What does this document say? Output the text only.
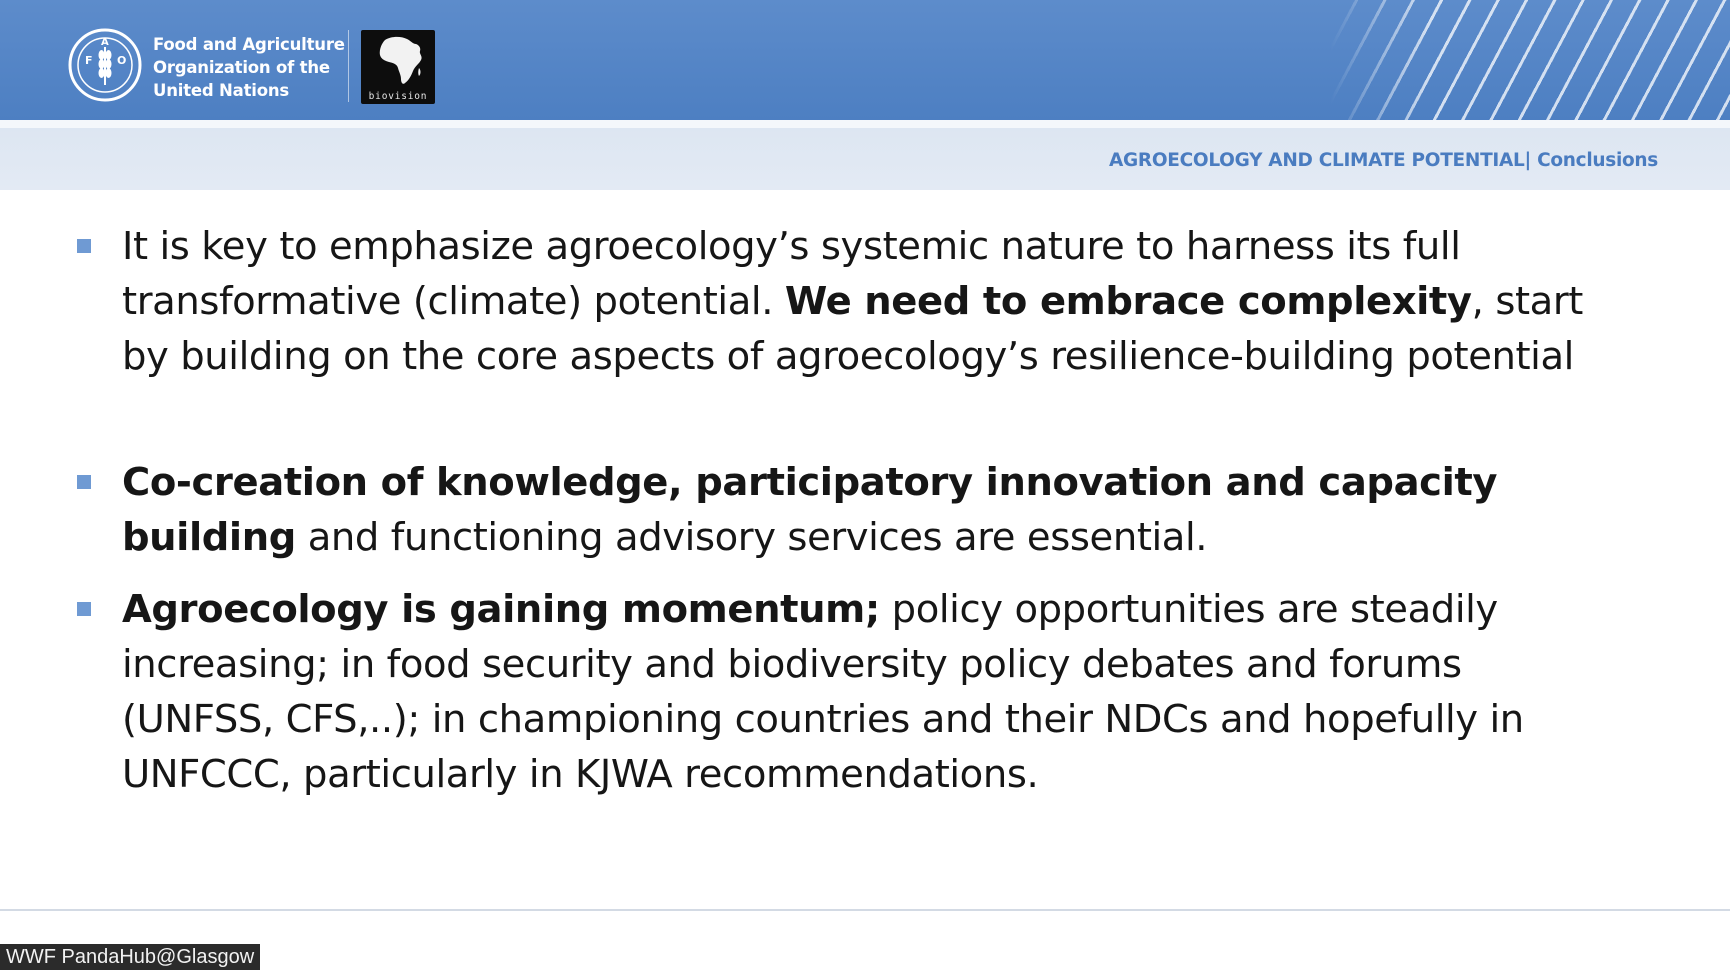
F
A
O
Food and Agriculture
Organization of the
United Nations	biovision
AGROECOLOGY AND CLIMATE POTENTIAL| Conclusions
It is key to emphasize agroecology’s systemic nature to harness its full transformative (climate) potential. We need to embrace complexity, start by building on the core aspects of agroecology’s resilience-building potential
Co-creation of knowledge, participatory innovation and capacity building and functioning advisory services are essential.
Agroecology is gaining momentum; policy opportunities are steadily increasing; in food security and biodiversity policy debates and forums (UNFSS, CFS,..); in championing countries and their NDCs and hopefully in UNFCCC, particularly in KJWA recommendations.
WWF PandaHub@Glasgow
